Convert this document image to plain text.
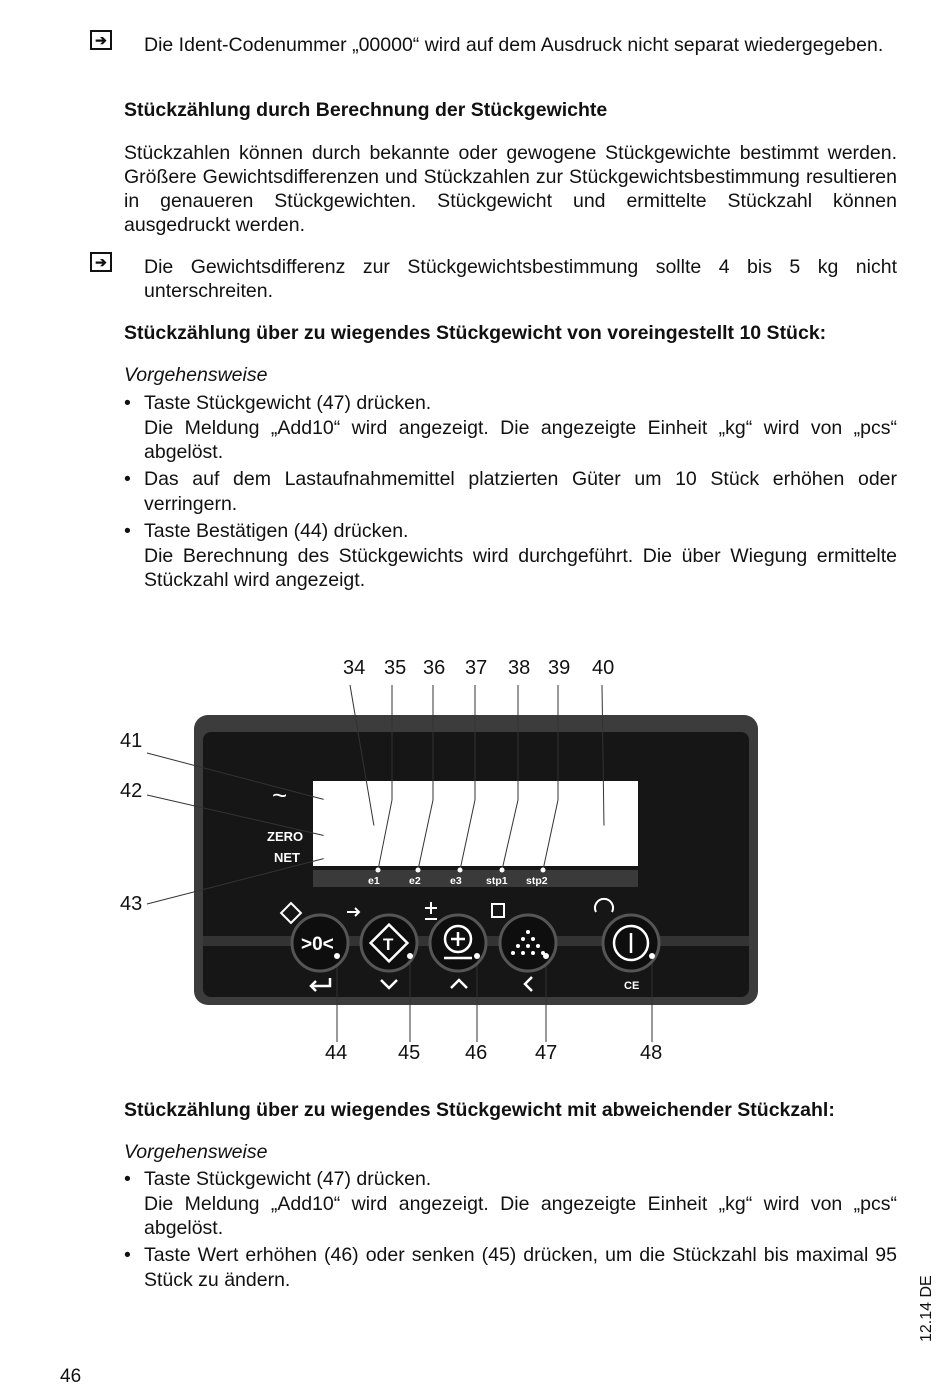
➔ Die Ident-Codenummer „00000“ wird auf dem Ausdruck nicht separat wiedergegeben.
Stückzählung durch Berechnung der Stückgewichte
Stückzahlen können durch bekannte oder gewogene Stückgewichte bestimmt werden. Größere Gewichtsdifferenzen und Stückzahlen zur Stückgewichtsbestimmung resultieren in genaueren Stückgewichten. Stückgewicht und ermittelte Stückzahl können ausgedruckt werden.
➔ Die Gewichtsdifferenz zur Stückgewichtsbestimmung sollte 4 bis 5 kg nicht unterschreiten.
Stückzählung über zu wiegendes Stückgewicht von voreingestellt 10 Stück:
Vorgehensweise
• Taste Stückgewicht (47) drücken.
Die Meldung „Add10“ wird angezeigt. Die angezeigte Einheit „kg“ wird von „pcs“ abgelöst.
• Das auf dem Lastaufnahmemittel platzierten Güter um 10 Stück erhöhen oder verringern.
• Taste Bestätigen (44) drücken.
Die Berechnung des Stückgewichts wird durchgeführt. Die über Wiegung ermittelte Stückzahl wird angezeigt.
34 35 36 37 38 39 40
41
42
43
44	45 46 47	48
e1	e2	e3 stp1 stp2
~
ZERO
NET
>0<	T
CE
Stückzählung über zu wiegendes Stückgewicht mit abweichender Stückzahl:
Vorgehensweise
• Taste Stückgewicht (47) drücken.
Die Meldung „Add10“ wird angezeigt. Die angezeigte Einheit „kg“ wird von „pcs“ abgelöst.
• Taste Wert erhöhen (46) oder senken (45) drücken, um die Stückzahl bis maximal 95 Stück zu ändern.
46
12.14 DE
